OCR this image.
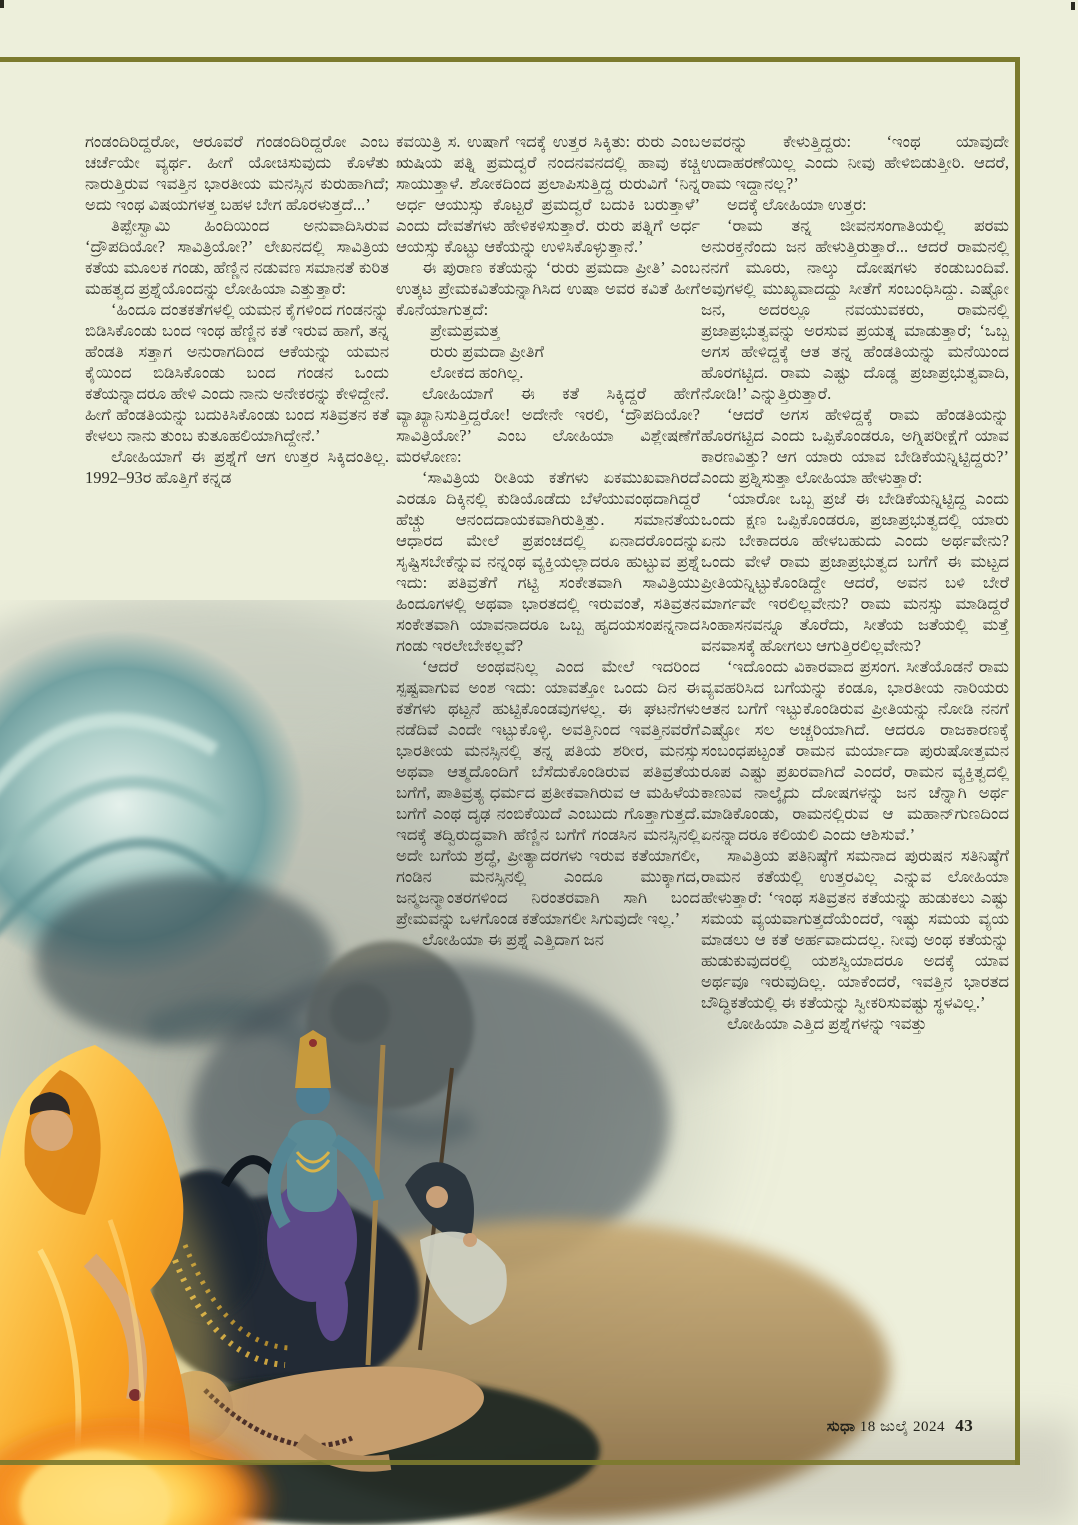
ಗಂಡಂದಿರಿದ್ದರೋ, ಆರೂವರೆ ಗಂಡಂದಿರಿದ್ದರೋ ಎಂಬ ಚರ್ಚೆಯೇ ವ್ಯರ್ಥ. ಹೀಗೆ ಯೋಚಿಸುವುದು ಕೊಳೆತು ನಾರುತ್ತಿರುವ ಇವತ್ತಿನ ಭಾರತೀಯ ಮನಸ್ಸಿನ ಕುರುಹಾಗಿದೆ; ಅದು ಇಂಥ ವಿಷಯಗಳತ್ತ ಬಹಳ ಬೇಗ ಹೊರಳುತ್ತದೆ...’

ತಿಪ್ಪೇಸ್ವಾಮಿ ಹಿಂದಿಯಿಂದ ಅನುವಾದಿಸಿರುವ ‘ದ್ರೌಪದಿಯೋ? ಸಾವಿತ್ರಿಯೋ?’ ಲೇಖನದಲ್ಲಿ ಸಾವಿತ್ರಿಯ ಕತೆಯ ಮೂಲಕ ಗಂಡು, ಹೆಣ್ಣಿನ ನಡುವಣ ಸಮಾನತೆ ಕುರಿತ ಮಹತ್ವದ ಪ್ರಶ್ನೆಯೊಂದನ್ನು ಲೋಹಿಯಾ ಎತ್ತುತ್ತಾರೆ:

‘ಹಿಂದೂ ದಂತಕತೆಗಳಲ್ಲಿ ಯಮನ ಕೈಗಳಿಂದ ಗಂಡನನ್ನು ಬಿಡಿಸಿಕೊಂಡು ಬಂದ ಇಂಥ ಹೆಣ್ಣಿನ ಕತೆ ಇರುವ ಹಾಗೆ, ತನ್ನ ಹೆಂಡತಿ ಸತ್ತಾಗ ಅನುರಾಗದಿಂದ ಆಕೆಯನ್ನು ಯಮನ ಕೈಯಿಂದ ಬಿಡಿಸಿಕೊಂಡು ಬಂದ ಗಂಡನ ಒಂದು ಕತೆಯನ್ನಾದರೂ ಹೇಳಿ ಎಂದು ನಾನು ಅನೇಕರನ್ನು ಕೇಳಿದ್ದೇನೆ. ಹೀಗೆ ಹೆಂಡತಿಯನ್ನು ಬದುಕಿಸಿಕೊಂಡು ಬಂದ ಸತಿವ್ರತನ ಕತೆ ಕೇಳಲು ನಾನು ತುಂಬ ಕುತೂಹಲಿಯಾಗಿದ್ದೇನೆ.’

ಲೋಹಿಯಾಗೆ ಈ ಪ್ರಶ್ನೆಗೆ ಆಗ ಉತ್ತರ ಸಿಕ್ಕಿದಂತಿಲ್ಲ. 1992–93ರ ಹೊತ್ತಿಗೆ ಕನ್ನಡ

ಕವಯಿತ್ರಿ ಸ. ಉಷಾಗೆ ಇದಕ್ಕೆ ಉತ್ತರ ಸಿಕ್ಕಿತು: ರುರು ಎಂಬ ಋಷಿಯ ಪತ್ನಿ ಪ್ರಮದ್ವರೆ ನಂದನವನದಲ್ಲಿ ಹಾವು ಕಚ್ಚಿ ಸಾಯುತ್ತಾಳೆ. ಶೋಕದಿಂದ ಪ್ರಲಾಪಿಸುತ್ತಿದ್ದ ರುರುವಿಗೆ ‘ನಿನ್ನ ಅರ್ಧ ಆಯುಸ್ಸು ಕೊಟ್ಟರೆ ಪ್ರಮದ್ವರೆ ಬದುಕಿ ಬರುತ್ತಾಳೆ’ ಎಂದು ದೇವತೆಗಳು ಹೇಳಿಕಳಿಸುತ್ತಾರೆ. ರುರು ಪತ್ನಿಗೆ ಅರ್ಧ ಆಯಸ್ಸು ಕೊಟ್ಟು ಆಕೆಯನ್ನು ಉಳಿಸಿಕೊಳ್ಳುತ್ತಾನೆ.’

ಈ ಪುರಾಣ ಕತೆಯನ್ನು ‘ರುರು ಪ್ರಮದಾ ಪ್ರೀತಿ’ ಎಂಬ ಉತ್ಕಟ ಪ್ರೇಮಕವಿತೆಯನ್ನಾಗಿಸಿದ ಉಷಾ ಅವರ ಕವಿತೆ ಹೀಗೆ ಕೊನೆಯಾಗುತ್ತದೆ:

ಪ್ರೇಮಪ್ರಮತ್ತ
ರುರು ಪ್ರಮದಾ ಪ್ರೀತಿಗೆ
ಲೋಕದ ಹಂಗಿಲ್ಲ.

ಲೋಹಿಯಾಗೆ ಈ ಕತೆ ಸಿಕ್ಕಿದ್ದರೆ ಹೇಗೆ ವ್ಯಾಖ್ಯಾನಿಸುತ್ತಿದ್ದರೋ! ಅದೇನೇ ಇರಲಿ, ‘ದ್ರೌಪದಿಯೋ? ಸಾವಿತ್ರಿಯೋ?’ ಎಂಬ ಲೋಹಿಯಾ ವಿಶ್ಲೇಷಣೆಗೆ ಮರಳೋಣ:

‘ಸಾವಿತ್ರಿಯ ರೀತಿಯ ಕತೆಗಳು ಏಕಮುಖವಾಗಿರದೆ ಎರಡೂ ದಿಕ್ಕಿನಲ್ಲಿ ಕುಡಿಯೊಡೆದು ಬೆಳೆಯುವಂಥದಾಗಿದ್ದರೆ ಹೆಚ್ಚು ಆನಂದದಾಯಕವಾಗಿರುತ್ತಿತ್ತು. ಸಮಾನತೆಯ ಆಧಾರದ ಮೇಲೆ ಪ್ರಪಂಚದಲ್ಲಿ ಏನಾದರೊಂದನ್ನು ಸೃಷ್ಟಿಸಬೇಕೆನ್ನುವ ನನ್ನಂಥ ವ್ಯಕ್ತಿಯಲ್ಲಾದರೂ ಹುಟ್ಟುವ ಪ್ರಶ್ನೆ ಇದು: ಪತಿವ್ರತೆಗೆ ಗಟ್ಟಿ ಸಂಕೇತವಾಗಿ ಸಾವಿತ್ರಿಯು ಹಿಂದೂಗಳಲ್ಲಿ ಅಥವಾ ಭಾರತದಲ್ಲಿ ಇರುವಂತೆ, ಸತಿವ್ರತನ ಸಂಕೇತವಾಗಿ ಯಾವನಾದರೂ ಒಬ್ಬ ಹೃದಯಸಂಪನ್ನನಾದ ಗಂಡು ಇರಲೇಬೇಕಲ್ಲವೆ?

‘ಆದರೆ ಅಂಥವನಿಲ್ಲ ಎಂದ ಮೇಲೆ ಇದರಿಂದ ಸ್ಪಷ್ಟವಾಗುವ ಅಂಶ ಇದು: ಯಾವತ್ತೋ ಒಂದು ದಿನ ಈ ಕತೆಗಳು ಥಟ್ಟನೆ ಹುಟ್ಟಿಕೊಂಡವುಗಳಲ್ಲ. ಈ ಘಟನೆಗಳು ನಡೆದಿವೆ ಎಂದೇ ಇಟ್ಟುಕೊಳ್ಳಿ. ಅವತ್ತಿನಿಂದ ಇವತ್ತಿನವರೆಗೆ ಭಾರತೀಯ ಮನಸ್ಸಿನಲ್ಲಿ ತನ್ನ ಪತಿಯ ಶರೀರ, ಮನಸ್ಸು ಅಥವಾ ಆತ್ಮದೊಂದಿಗೆ ಬೆಸೆದುಕೊಂಡಿರುವ ಪತಿವ್ರತೆಯ ಬಗೆಗೆ, ಪಾತಿವ್ರತ್ಯ ಧರ್ಮದ ಪ್ರತೀಕವಾಗಿರುವ ಆ ಮಹಿಳೆಯ ಬಗೆಗೆ ಎಂಥ ದೃಢ ನಂಬಿಕೆಯಿದೆ ಎಂಬುದು ಗೊತ್ತಾಗುತ್ತದೆ. ಇದಕ್ಕೆ ತದ್ವಿರುದ್ಧವಾಗಿ ಹೆಣ್ಣಿನ ಬಗೆಗೆ ಗಂಡಸಿನ ಮನಸ್ಸಿನಲ್ಲಿ ಅದೇ ಬಗೆಯ ಶ್ರದ್ಧೆ, ಪ್ರೀತ್ಯಾದರಗಳು ಇರುವ ಕತೆಯಾಗಲೀ, ಗಂಡಿನ ಮನಸ್ಸಿನಲ್ಲಿ ಎಂದೂ ಮುಕ್ಕಾಗದ, ಜನ್ಮಜನ್ಮಾಂತರಗಳಿಂದ ನಿರಂತರವಾಗಿ ಸಾಗಿ ಬಂದ ಪ್ರೇಮವನ್ನು ಒಳಗೊಂಡ ಕತೆಯಾಗಲೀ ಸಿಗುವುದೇ ಇಲ್ಲ.’

ಲೋಹಿಯಾ ಈ ಪ್ರಶ್ನೆ ಎತ್ತಿದಾಗ ಜನ

ಅವರನ್ನು ಕೇಳುತ್ತಿದ್ದರು: ‘ಇಂಥ ಯಾವುದೇ ಉದಾಹರಣೆಯಿಲ್ಲ ಎಂದು ನೀವು ಹೇಳಿಬಿಡುತ್ತೀರಿ. ಆದರೆ, ರಾಮ ಇದ್ದಾನಲ್ಲ?’

ಅದಕ್ಕೆ ಲೋಹಿಯಾ ಉತ್ತರ:

‘ರಾಮ ತನ್ನ ಜೀವನಸಂಗಾತಿಯಲ್ಲಿ ಪರಮ ಅನುರಕ್ತನೆಂದು ಜನ ಹೇಳುತ್ತಿರುತ್ತಾರೆ... ಆದರೆ ರಾಮನಲ್ಲಿ ನನಗೆ ಮೂರು, ನಾಲ್ಕು ದೋಷಗಳು ಕಂಡುಬಂದಿವೆ. ಅವುಗಳಲ್ಲಿ ಮುಖ್ಯವಾದದ್ದು ಸೀತೆಗೆ ಸಂಬಂಧಿಸಿದ್ದು. ಎಷ್ಟೋ ಜನ, ಅದರಲ್ಲೂ ನವಯುವಕರು, ರಾಮನಲ್ಲಿ ಪ್ರಜಾಪ್ರಭುತ್ವವನ್ನು ಅರಸುವ ಪ್ರಯತ್ನ ಮಾಡುತ್ತಾರೆ; ‘ಒಬ್ಬ ಅಗಸ ಹೇಳಿದ್ದಕ್ಕೆ ಆತ ತನ್ನ ಹೆಂಡತಿಯನ್ನು ಮನೆಯಿಂದ ಹೊರಗಟ್ಟಿದ. ರಾಮ ಎಷ್ಟು ದೊಡ್ಡ ಪ್ರಜಾಪ್ರಭುತ್ವವಾದಿ, ನೋಡಿ!’ ಎನ್ನುತ್ತಿರುತ್ತಾರೆ.

‘ಆದರೆ ಅಗಸ ಹೇಳಿದ್ದಕ್ಕೆ ರಾಮ ಹೆಂಡತಿಯನ್ನು ಹೊರಗಟ್ಟಿದ ಎಂದು ಒಪ್ಪಿಕೊಂಡರೂ, ಅಗ್ನಿಪರೀಕ್ಷೆಗೆ ಯಾವ ಕಾರಣವಿತ್ತು? ಆಗ ಯಾರು ಯಾವ ಬೇಡಿಕೆಯನ್ನಿಟ್ಟಿದ್ದರು?’ ಎಂದು ಪ್ರಶ್ನಿಸುತ್ತಾ ಲೋಹಿಯಾ ಹೇಳುತ್ತಾರೆ:

‘ಯಾರೋ ಒಬ್ಬ ಪ್ರಜೆ ಈ ಬೇಡಿಕೆಯನ್ನಿಟ್ಟಿದ್ದ ಎಂದು ಒಂದು ಕ್ಷಣ ಒಪ್ಪಿಕೊಂಡರೂ, ಪ್ರಜಾಪ್ರಭುತ್ವದಲ್ಲಿ ಯಾರು ಏನು ಬೇಕಾದರೂ ಹೇಳಬಹುದು ಎಂದು ಅರ್ಥವೇನು? ಒಂದು ವೇಳೆ ರಾಮ ಪ್ರಜಾಪ್ರಭುತ್ವದ ಬಗೆಗೆ ಈ ಮಟ್ಟದ ಪ್ರೀತಿಯನ್ನಿಟ್ಟುಕೊಂಡಿದ್ದೇ ಆದರೆ, ಅವನ ಬಳಿ ಬೇರೆ ಮಾರ್ಗವೇ ಇರಲಿಲ್ಲವೇನು? ರಾಮ ಮನಸ್ಸು ಮಾಡಿದ್ದರೆ ಸಿಂಹಾಸನವನ್ನೂ ತೊರೆದು, ಸೀತೆಯ ಜತೆಯಲ್ಲಿ ಮತ್ತೆ ವನವಾಸಕ್ಕೆ ಹೋಗಲು ಆಗುತ್ತಿರಲಿಲ್ಲವೇನು?

‘ಇದೊಂದು ವಿಕಾರವಾದ ಪ್ರಸಂಗ. ಸೀತೆಯೊಡನೆ ರಾಮ ವ್ಯವಹರಿಸಿದ ಬಗೆಯನ್ನು ಕಂಡೂ, ಭಾರತೀಯ ನಾರಿಯರು ಆತನ ಬಗೆಗೆ ಇಟ್ಟುಕೊಂಡಿರುವ ಪ್ರೀತಿಯನ್ನು ನೋಡಿ ನನಗೆ ಎಷ್ಟೋ ಸಲ ಅಚ್ಚರಿಯಾಗಿದೆ. ಆದರೂ ರಾಜಕಾರಣಕ್ಕೆ ಸಂಬಂಧಪಟ್ಟಂತೆ ರಾಮನ ಮರ್ಯಾದಾ ಪುರುಷೋತ್ತಮನ ರೂಪ ಎಷ್ಟು ಪ್ರಖರವಾಗಿದೆ ಎಂದರೆ, ರಾಮನ ವ್ಯಕ್ತಿತ್ವದಲ್ಲಿ ಕಾಣುವ ನಾಲ್ಕೈದು ದೋಷಗಳನ್ನು ಜನ ಚೆನ್ನಾಗಿ ಅರ್ಥ ಮಾಡಿಕೊಂಡು, ರಾಮನಲ್ಲಿರುವ ಆ ಮಹಾನ್‌ಗುಣದಿಂದ ಏನನ್ನಾದರೂ ಕಲಿಯಲಿ ಎಂದು ಆಶಿಸುವೆ.’

ಸಾವಿತ್ರಿಯ ಪತಿನಿಷ್ಠೆಗೆ ಸಮನಾದ ಪುರುಷನ ಸತಿನಿಷ್ಠೆಗೆ ರಾಮನ ಕತೆಯಲ್ಲಿ ಉತ್ತರವಿಲ್ಲ ಎನ್ನುವ ಲೋಹಿಯಾ ಹೇಳುತ್ತಾರೆ: ‘ಇಂಥ ಸತಿವ್ರತನ ಕತೆಯನ್ನು ಹುಡುಕಲು ಎಷ್ಟು ಸಮಯ ವ್ಯಯವಾಗುತ್ತದೆಯೆಂದರೆ, ಇಷ್ಟು ಸಮಯ ವ್ಯಯ ಮಾಡಲು ಆ ಕತೆ ಅರ್ಹವಾದುದಲ್ಲ. ನೀವು ಅಂಥ ಕತೆಯನ್ನು ಹುಡುಕುವುದರಲ್ಲಿ ಯಶಸ್ವಿಯಾದರೂ ಅದಕ್ಕೆ ಯಾವ ಅರ್ಥವೂ ಇರುವುದಿಲ್ಲ. ಯಾಕೆಂದರೆ, ಇವತ್ತಿನ ಭಾರತದ ಬೌದ್ಧಿಕತೆಯಲ್ಲಿ ಈ ಕತೆಯನ್ನು ಸ್ವೀಕರಿಸುವಷ್ಟು ಸ್ಥಳವಿಲ್ಲ.’

ಲೋಹಿಯಾ ಎತ್ತಿದ ಪ್ರಶ್ನೆಗಳನ್ನು ಇವತ್ತು

ಸುಧಾ 18 ಜುಲೈ 2024 43
